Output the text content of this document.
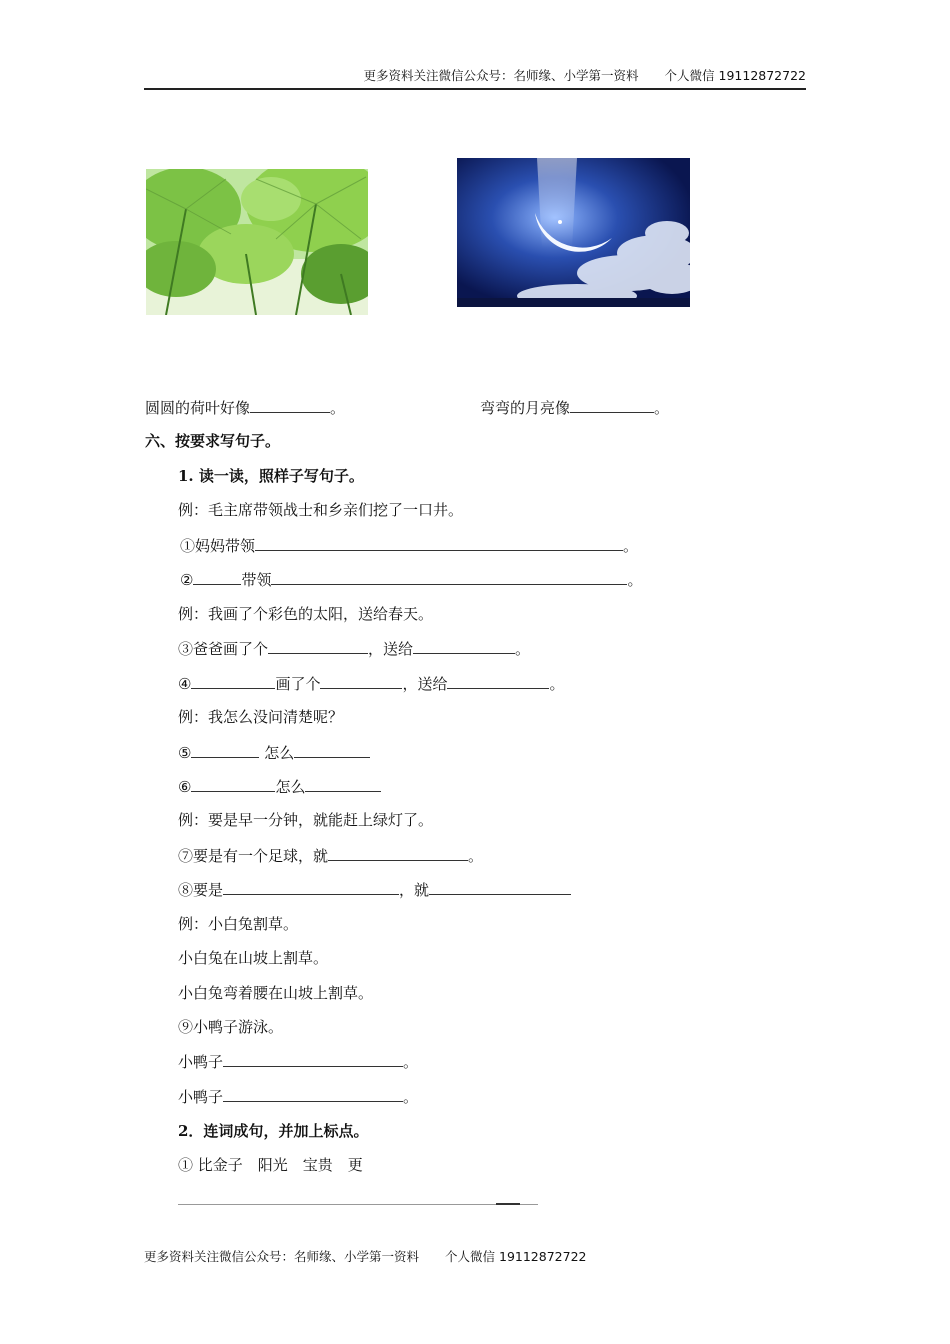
更多资料关注微信公众号：名师缘、小学第一资料 个人微信 19112872722
圆圆的荷叶好像	。	弯弯的月亮像	。
六、按要求写句子。
1. 读一读，照样子写句子。
例：毛主席带领战士和乡亲们挖了一口井。
①妈妈带领	。
②	带领	。
例：我画了个彩色的太阳，送给春天。
③爸爸画了个	，送给	。
④	画了个	，送给	。
例：我怎么没问清楚呢？
⑤	怎么
⑥	怎么
例：要是早一分钟，就能赶上绿灯了。
⑦要是有一个足球，就	。
⑧要是	，就
例：小白兔割草。
小白兔在山坡上割草。
小白兔弯着腰在山坡上割草。
⑨小鸭子游泳。
小鸭子	。
小鸭子	。
2．连词成句，并加上标点。
① 比金子　阳光　宝贵　更
更多资料关注微信公众号：名师缘、小学第一资料 个人微信 19112872722
